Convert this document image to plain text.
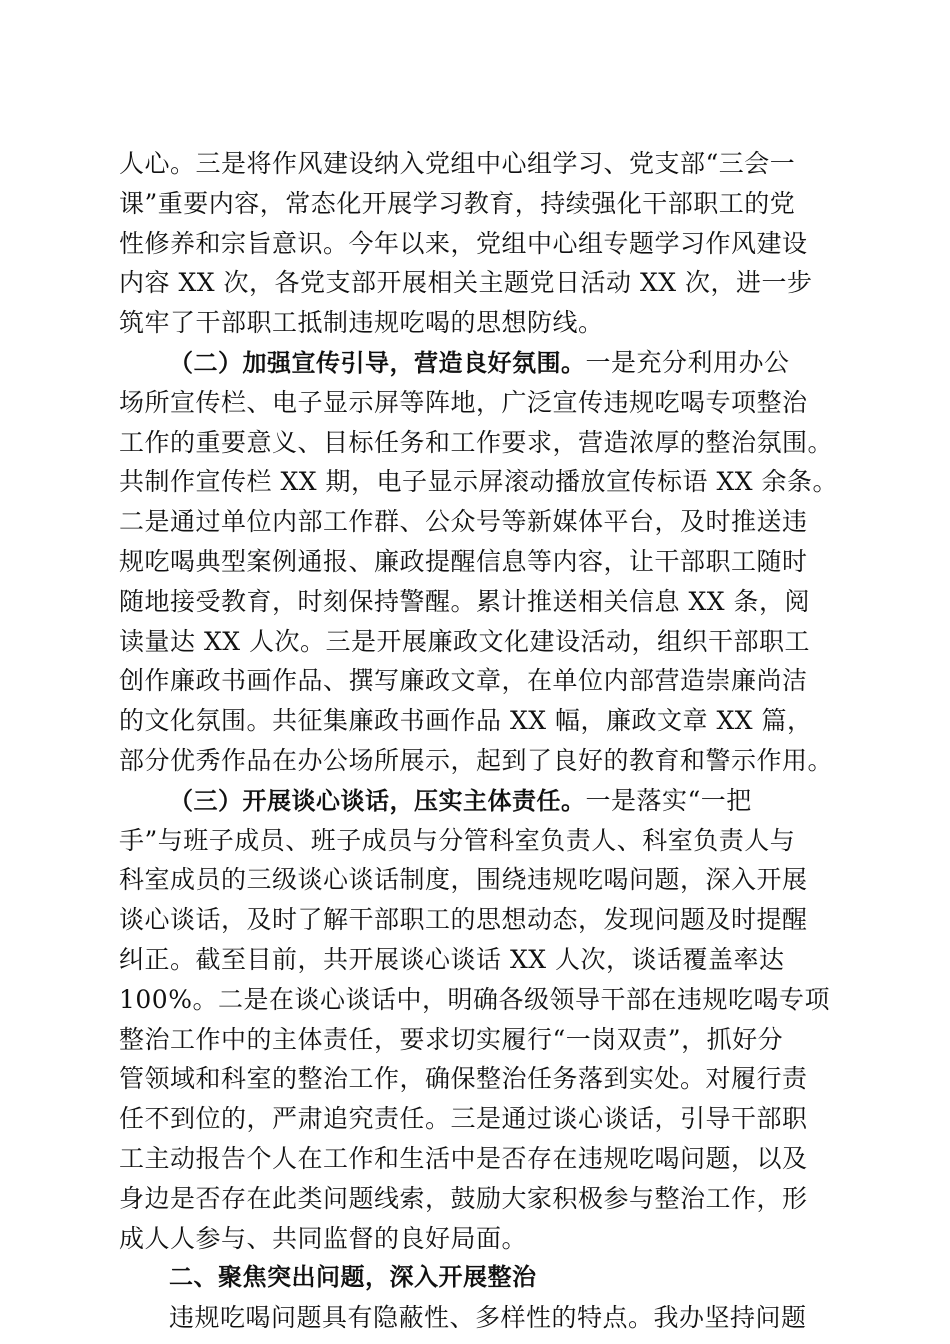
人心。三是将作风建设纳入党组中心组学习、党支部“三会一
课”重要内容，常态化开展学习教育，持续强化干部职工的党
性修养和宗旨意识。今年以来，党组中心组专题学习作风建设
内容 XX 次，各党支部开展相关主题党日活动 XX 次，进一步
筑牢了干部职工抵制违规吃喝的思想防线。
（二）加强宣传引导，营造良好氛围。一是充分利用办公
场所宣传栏、电子显示屏等阵地，广泛宣传违规吃喝专项整治
工作的重要意义、目标任务和工作要求，营造浓厚的整治氛围。
共制作宣传栏 XX 期，电子显示屏滚动播放宣传标语 XX 余条。
二是通过单位内部工作群、公众号等新媒体平台，及时推送违
规吃喝典型案例通报、廉政提醒信息等内容，让干部职工随时
随地接受教育，时刻保持警醒。累计推送相关信息 XX 条，阅
读量达 XX 人次。三是开展廉政文化建设活动，组织干部职工
创作廉政书画作品、撰写廉政文章，在单位内部营造崇廉尚洁
的文化氛围。共征集廉政书画作品 XX 幅，廉政文章 XX 篇，
部分优秀作品在办公场所展示，起到了良好的教育和警示作用。
（三）开展谈心谈话，压实主体责任。一是落实“一把
手”与班子成员、班子成员与分管科室负责人、科室负责人与
科室成员的三级谈心谈话制度，围绕违规吃喝问题，深入开展
谈心谈话，及时了解干部职工的思想动态，发现问题及时提醒
纠正。截至目前，共开展谈心谈话 XX 人次，谈话覆盖率达
100%。二是在谈心谈话中，明确各级领导干部在违规吃喝专项
整治工作中的主体责任，要求切实履行“一岗双责”，抓好分
管领域和科室的整治工作，确保整治任务落到实处。对履行责
任不到位的，严肃追究责任。三是通过谈心谈话，引导干部职
工主动报告个人在工作和生活中是否存在违规吃喝问题，以及
身边是否存在此类问题线索，鼓励大家积极参与整治工作，形
成人人参与、共同监督的良好局面。
二、聚焦突出问题，深入开展整治
违规吃喝问题具有隐蔽性、多样性的特点。我办坚持问题
